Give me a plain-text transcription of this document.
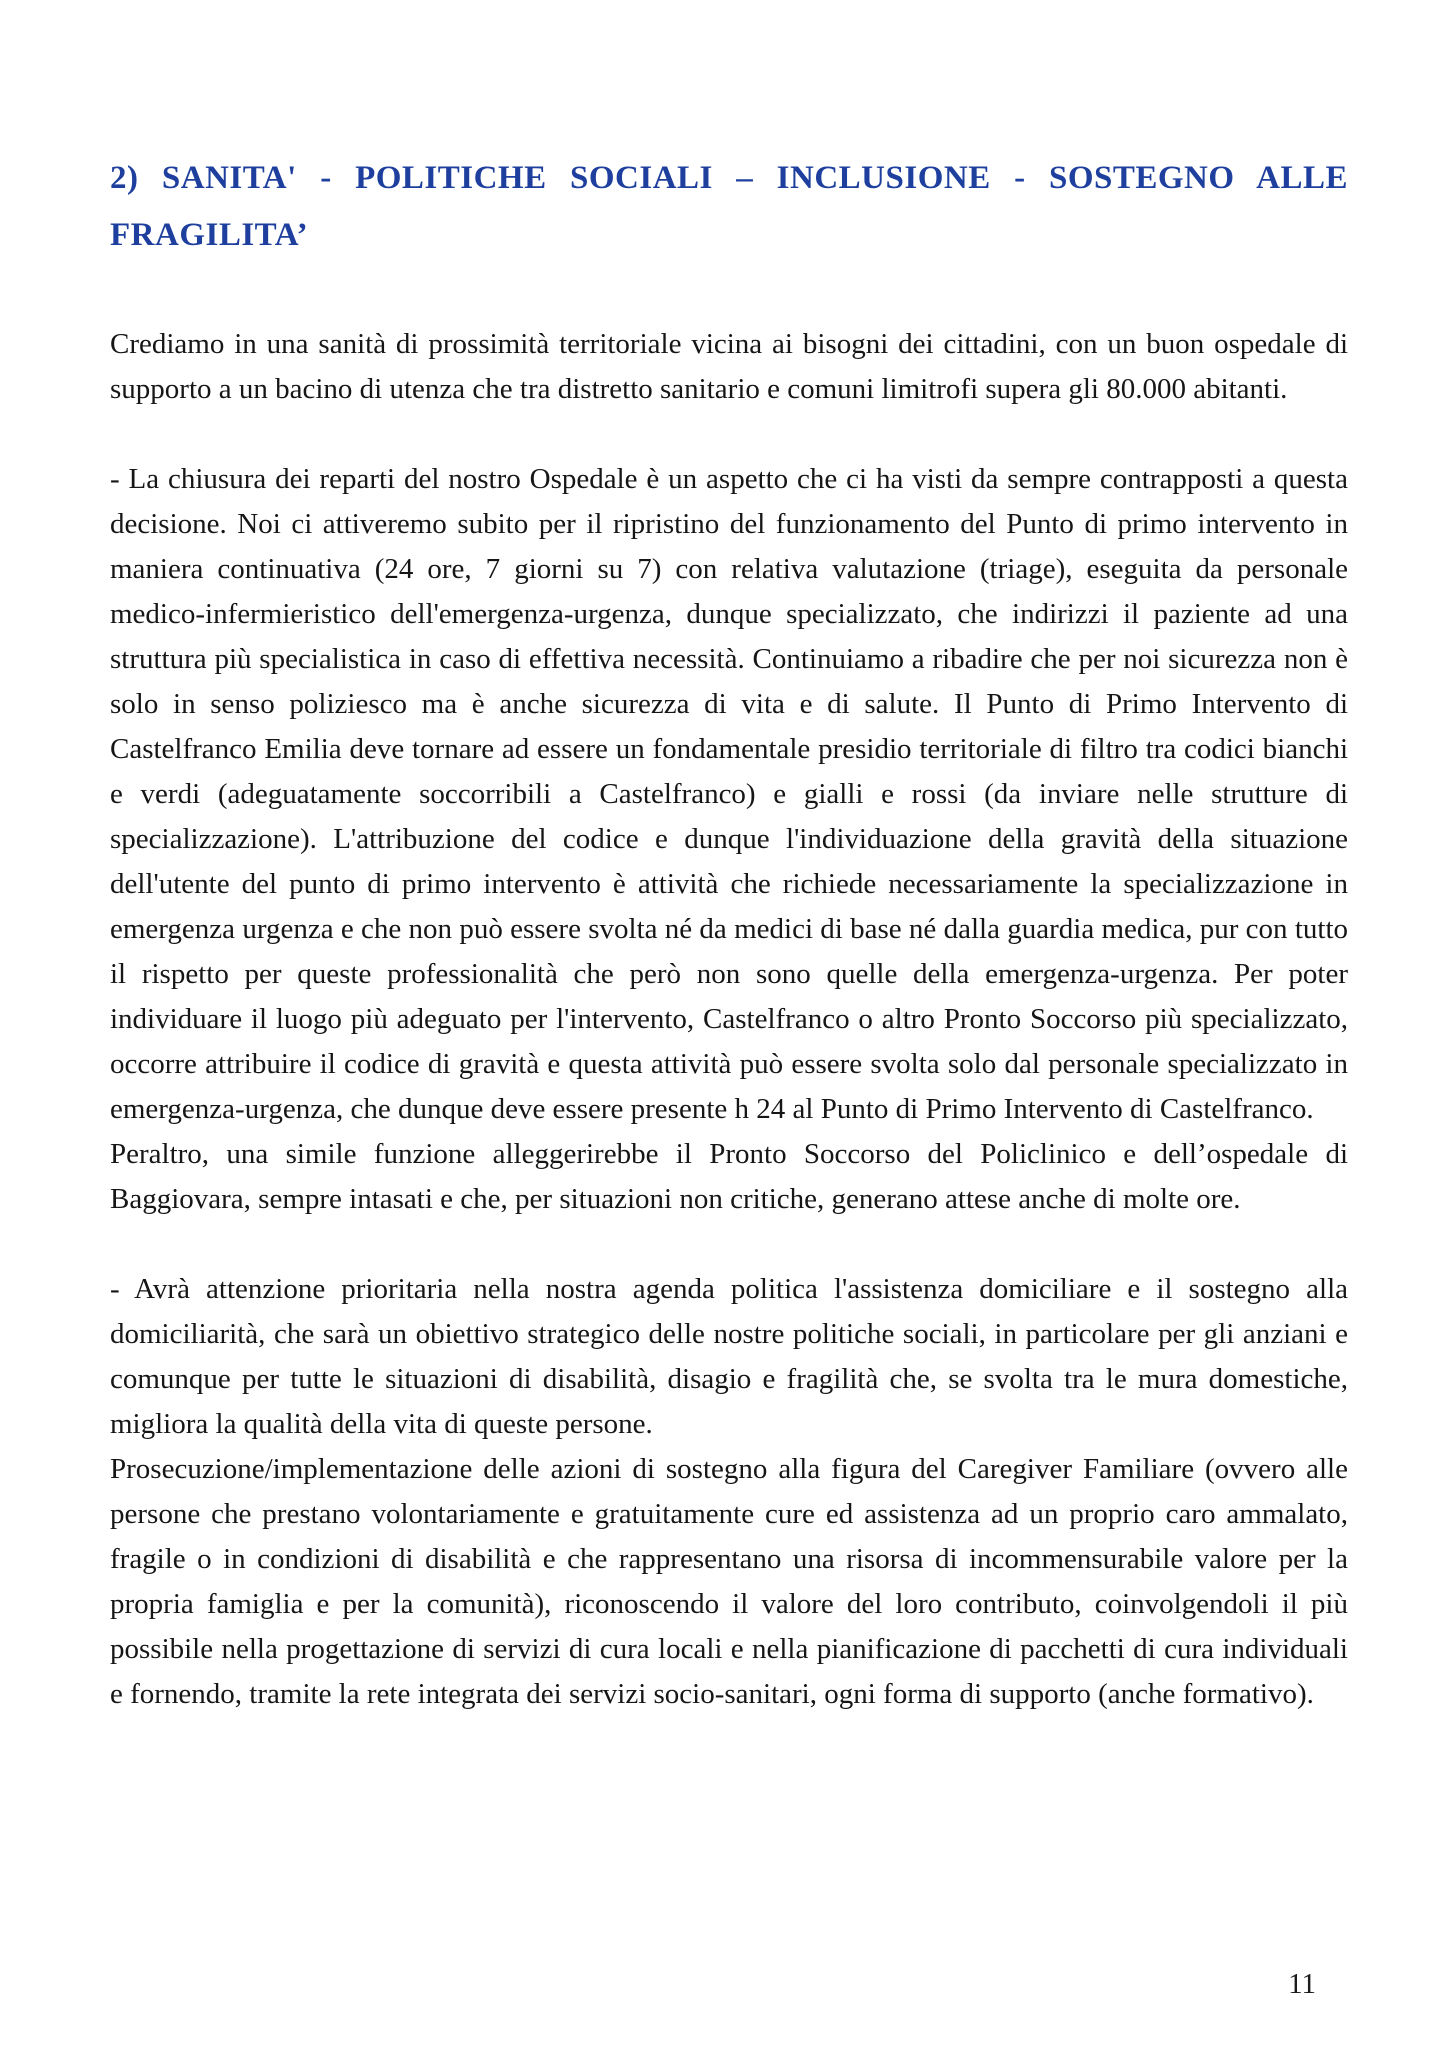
2) SANITA' - POLITICHE SOCIALI – INCLUSIONE - SOSTEGNO ALLE FRAGILITA’

Crediamo in una sanità di prossimità territoriale vicina ai bisogni dei cittadini, con un buon ospedale di supporto a un bacino di utenza che tra distretto sanitario e comuni limitrofi supera gli 80.000 abitanti.

- La chiusura dei reparti del nostro Ospedale è un aspetto che ci ha visti da sempre contrapposti a questa decisione. Noi ci attiveremo subito per il ripristino del funzionamento del Punto di primo intervento in maniera continuativa (24 ore, 7 giorni su 7) con relativa valutazione (triage), eseguita da personale medico-infermieristico dell'emergenza-urgenza, dunque specializzato, che indirizzi il paziente ad una struttura più specialistica in caso di effettiva necessità. Continuiamo a ribadire che per noi sicurezza non è solo in senso poliziesco ma è anche sicurezza di vita e di salute. Il Punto di Primo Intervento di Castelfranco Emilia deve tornare ad essere un fondamentale presidio territoriale di filtro tra codici bianchi e verdi (adeguatamente soccorribili a Castelfranco) e gialli e rossi (da inviare nelle strutture di specializzazione). L'attribuzione del codice e dunque l'individuazione della gravità della situazione dell'utente del punto di primo intervento è attività che richiede necessariamente la specializzazione in emergenza urgenza e che non può essere svolta né da medici di base né dalla guardia medica, pur con tutto il rispetto per queste professionalità che però non sono quelle della emergenza-urgenza. Per poter individuare il luogo più adeguato per l'intervento, Castelfranco o altro Pronto Soccorso più specializzato, occorre attribuire il codice di gravità e questa attività può essere svolta solo dal personale specializzato in emergenza-urgenza, che dunque deve essere presente h 24 al Punto di Primo Intervento di Castelfranco.

Peraltro, una simile funzione alleggerirebbe il Pronto Soccorso del Policlinico e dell’ospedale di Baggiovara, sempre intasati e che, per situazioni non critiche, generano attese anche di molte ore.

- Avrà attenzione prioritaria nella nostra agenda politica l'assistenza domiciliare e il sostegno alla domiciliarità, che sarà un obiettivo strategico delle nostre politiche sociali, in particolare per gli anziani e comunque per tutte le situazioni di disabilità, disagio e fragilità che, se svolta tra le mura domestiche, migliora la qualità della vita di queste persone.

Prosecuzione/implementazione delle azioni di sostegno alla figura del Caregiver Familiare (ovvero alle persone che prestano volontariamente e gratuitamente cure ed assistenza ad un proprio caro ammalato, fragile o in condizioni di disabilità e che rappresentano una risorsa di incommensurabile valore per la propria famiglia e per la comunità), riconoscendo il valore del loro contributo, coinvolgendoli il più possibile nella progettazione di servizi di cura locali e nella pianificazione di pacchetti di cura individuali e fornendo, tramite la rete integrata dei servizi socio-sanitari, ogni forma di supporto (anche formativo).

11
